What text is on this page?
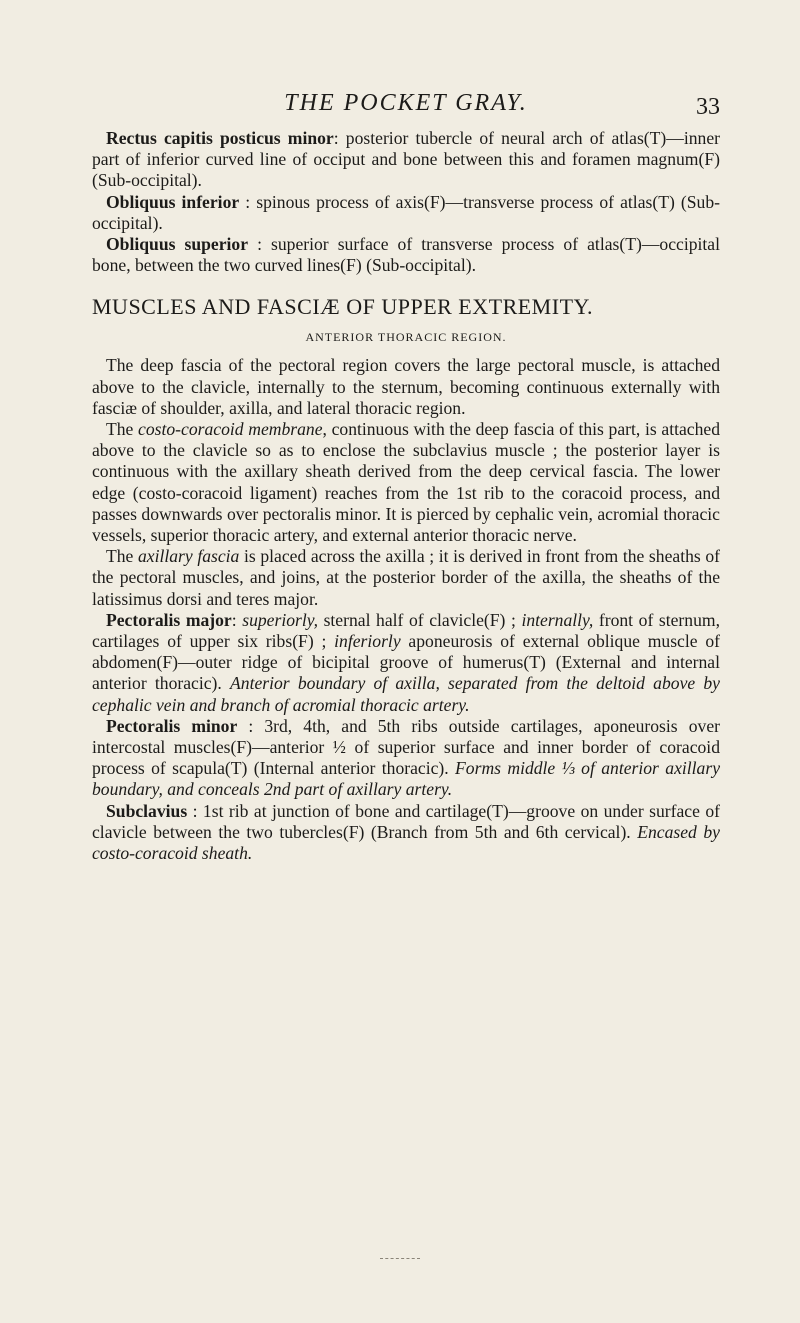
THE POCKET GRAY.	33

Rectus capitis posticus minor: posterior tubercle of neural arch of atlas(T)—inner part of inferior curved line of occiput and bone between this and foramen magnum(F) (Sub-occipital).

Obliquus inferior : spinous process of axis(F)—transverse process of atlas(T) (Sub-occipital).

Obliquus superior : superior surface of transverse process of atlas(T)—occipital bone, between the two curved lines(F) (Sub-occipital).

MUSCLES AND FASCIÆ OF UPPER EXTREMITY.
ANTERIOR THORACIC REGION.

The deep fascia of the pectoral region covers the large pectoral muscle, is attached above to the clavicle, internally to the sternum, becoming continuous externally with fasciæ of shoulder, axilla, and lateral thoracic region.

The costo-coracoid membrane, continuous with the deep fascia of this part, is attached above to the clavicle so as to enclose the subclavius muscle ; the posterior layer is continuous with the axillary sheath derived from the deep cervical fascia. The lower edge (costo-coracoid ligament) reaches from the 1st rib to the coracoid process, and passes downwards over pectoralis minor. It is pierced by cephalic vein, acromial thoracic vessels, superior thoracic artery, and external anterior thoracic nerve.

The axillary fascia is placed across the axilla ; it is derived in front from the sheaths of the pectoral muscles, and joins, at the posterior border of the axilla, the sheaths of the latissimus dorsi and teres major.

Pectoralis major: superiorly, sternal half of clavicle(F) ; internally, front of sternum, cartilages of upper six ribs(F) ; inferiorly aponeurosis of external oblique muscle of abdomen(F)—outer ridge of bicipital groove of humerus(T) (External and internal anterior thoracic). Anterior boundary of axilla, separated from the deltoid above by cephalic vein and branch of acromial thoracic artery.

Pectoralis minor : 3rd, 4th, and 5th ribs outside cartilages, aponeurosis over intercostal muscles(F)—anterior ½ of superior surface and inner border of coracoid process of scapula(T) (Internal anterior thoracic). Forms middle ⅓ of anterior axillary boundary, and conceals 2nd part of axillary artery.

Subclavius : 1st rib at junction of bone and cartilage(T)—groove on under surface of clavicle between the two tubercles(F) (Branch from 5th and 6th cervical). Encased by costo-coracoid sheath.
